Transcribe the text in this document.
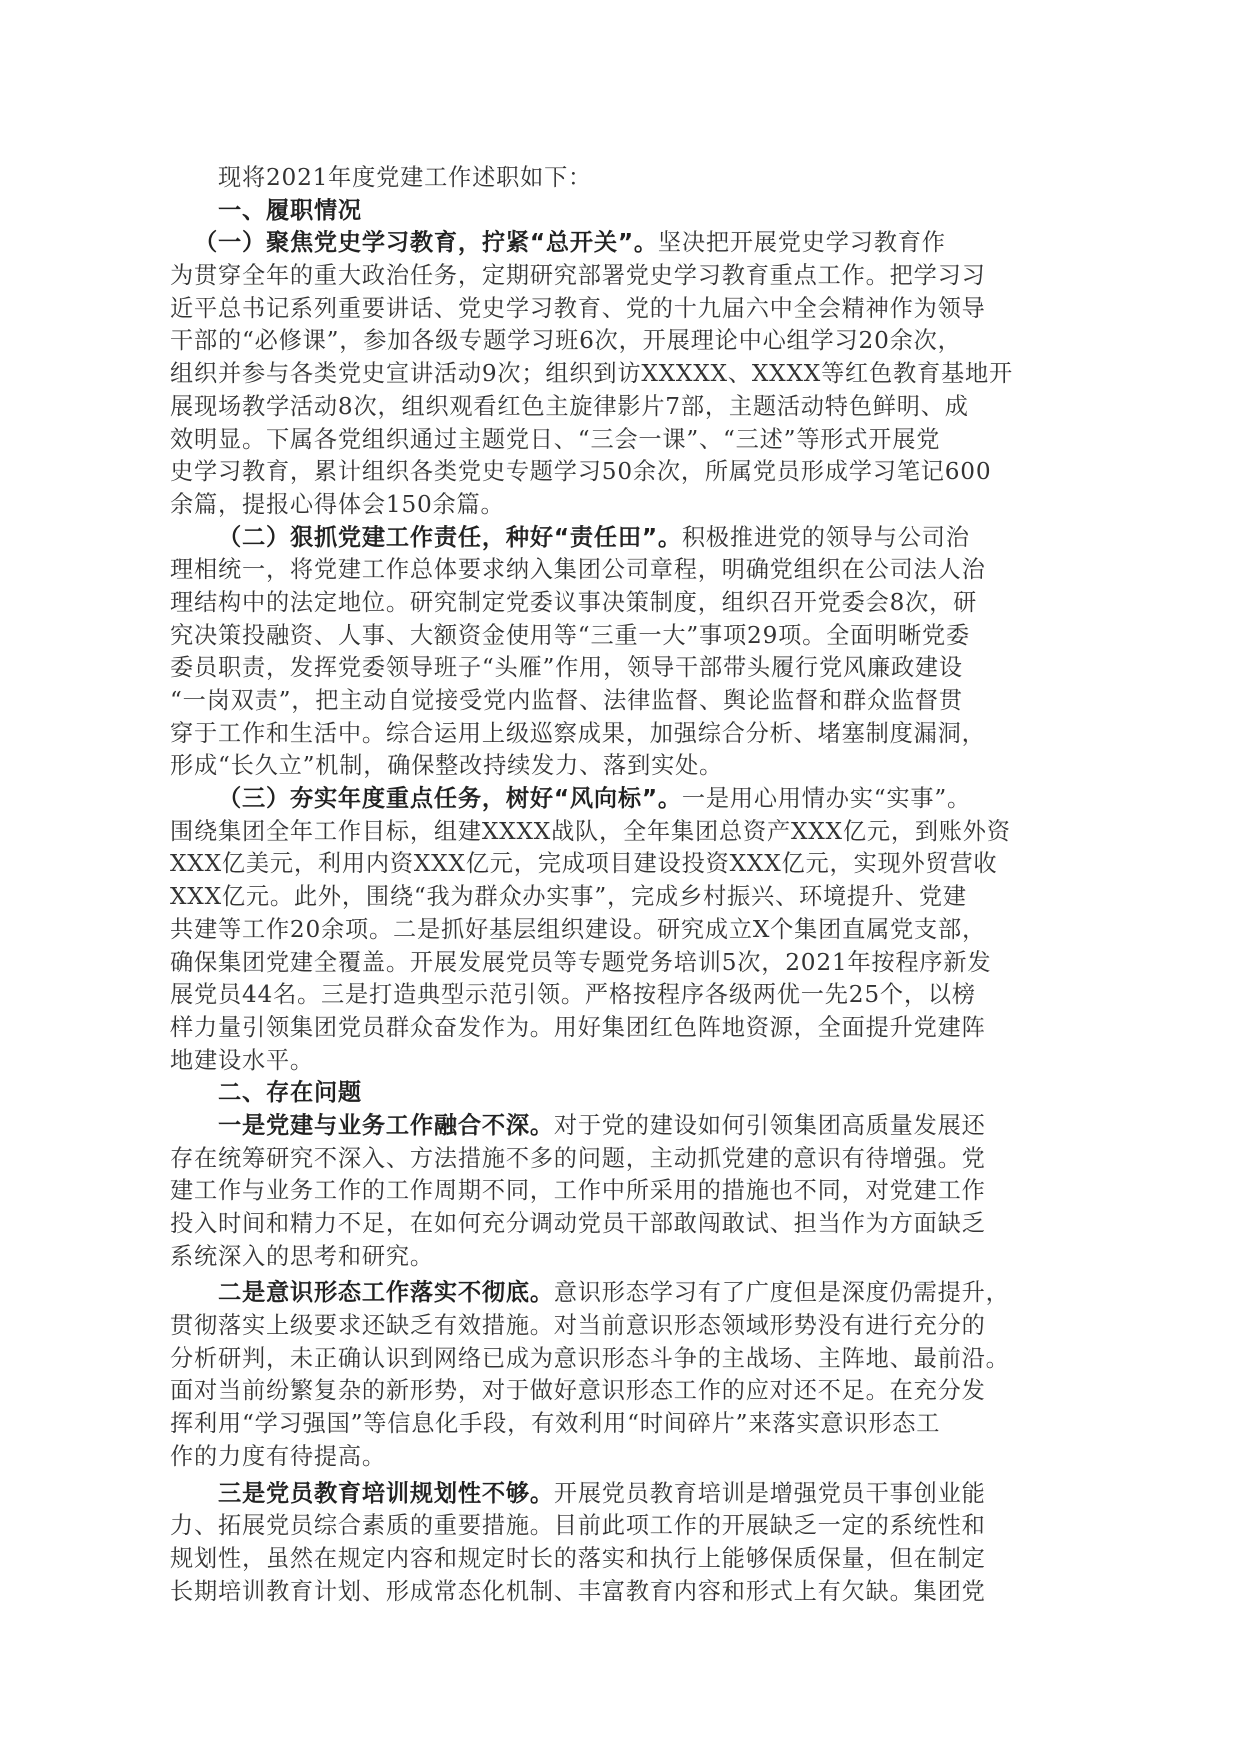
现将2021年度党建工作述职如下：
一、履职情况
（一）聚焦党史学习教育，拧紧“总开关”。坚决把开展党史学习教育作
为贯穿全年的重大政治任务，定期研究部署党史学习教育重点工作。把学习习
近平总书记系列重要讲话、党史学习教育、党的十九届六中全会精神作为领导
干部的“必修课”，参加各级专题学习班6次，开展理论中心组学习20余次，
组织并参与各类党史宣讲活动9次；组织到访XXXXX、XXXX等红色教育基地开
展现场教学活动8次，组织观看红色主旋律影片7部，主题活动特色鲜明、成
效明显。下属各党组织通过主题党日、“三会一课”、“三述”等形式开展党
史学习教育，累计组织各类党史专题学习50余次，所属党员形成学习笔记600
余篇，提报心得体会150余篇。
（二）狠抓党建工作责任，种好“责任田”。积极推进党的领导与公司治
理相统一，将党建工作总体要求纳入集团公司章程，明确党组织在公司法人治
理结构中的法定地位。研究制定党委议事决策制度，组织召开党委会8次，研
究决策投融资、人事、大额资金使用等“三重一大”事项29项。全面明晰党委
委员职责，发挥党委领导班子“头雁”作用，领导干部带头履行党风廉政建设
“一岗双责”，把主动自觉接受党内监督、法律监督、舆论监督和群众监督贯
穿于工作和生活中。综合运用上级巡察成果，加强综合分析、堵塞制度漏洞，
形成“长久立”机制，确保整改持续发力、落到实处。
（三）夯实年度重点任务，树好“风向标”。一是用心用情办实“实事”。
围绕集团全年工作目标，组建XXXX战队，全年集团总资产XXX亿元，到账外资
XXX亿美元，利用内资XXX亿元，完成项目建设投资XXX亿元，实现外贸营收
XXX亿元。此外，围绕“我为群众办实事”，完成乡村振兴、环境提升、党建
共建等工作20余项。二是抓好基层组织建设。研究成立X个集团直属党支部，
确保集团党建全覆盖。开展发展党员等专题党务培训5次，2021年按程序新发
展党员44名。三是打造典型示范引领。严格按程序各级两优一先25个，以榜
样力量引领集团党员群众奋发作为。用好集团红色阵地资源，全面提升党建阵
地建设水平。
二、存在问题
一是党建与业务工作融合不深。对于党的建设如何引领集团高质量发展还
存在统筹研究不深入、方法措施不多的问题，主动抓党建的意识有待增强。党
建工作与业务工作的工作周期不同，工作中所采用的措施也不同，对党建工作
投入时间和精力不足，在如何充分调动党员干部敢闯敢试、担当作为方面缺乏
系统深入的思考和研究。
二是意识形态工作落实不彻底。意识形态学习有了广度但是深度仍需提升，
贯彻落实上级要求还缺乏有效措施。对当前意识形态领域形势没有进行充分的
分析研判，未正确认识到网络已成为意识形态斗争的主战场、主阵地、最前沿。
面对当前纷繁复杂的新形势，对于做好意识形态工作的应对还不足。在充分发
挥利用“学习强国”等信息化手段，有效利用“时间碎片”来落实意识形态工
作的力度有待提高。
三是党员教育培训规划性不够。开展党员教育培训是增强党员干事创业能
力、拓展党员综合素质的重要措施。目前此项工作的开展缺乏一定的系统性和
规划性，虽然在规定内容和规定时长的落实和执行上能够保质保量，但在制定
长期培训教育计划、形成常态化机制、丰富教育内容和形式上有欠缺。集团党
